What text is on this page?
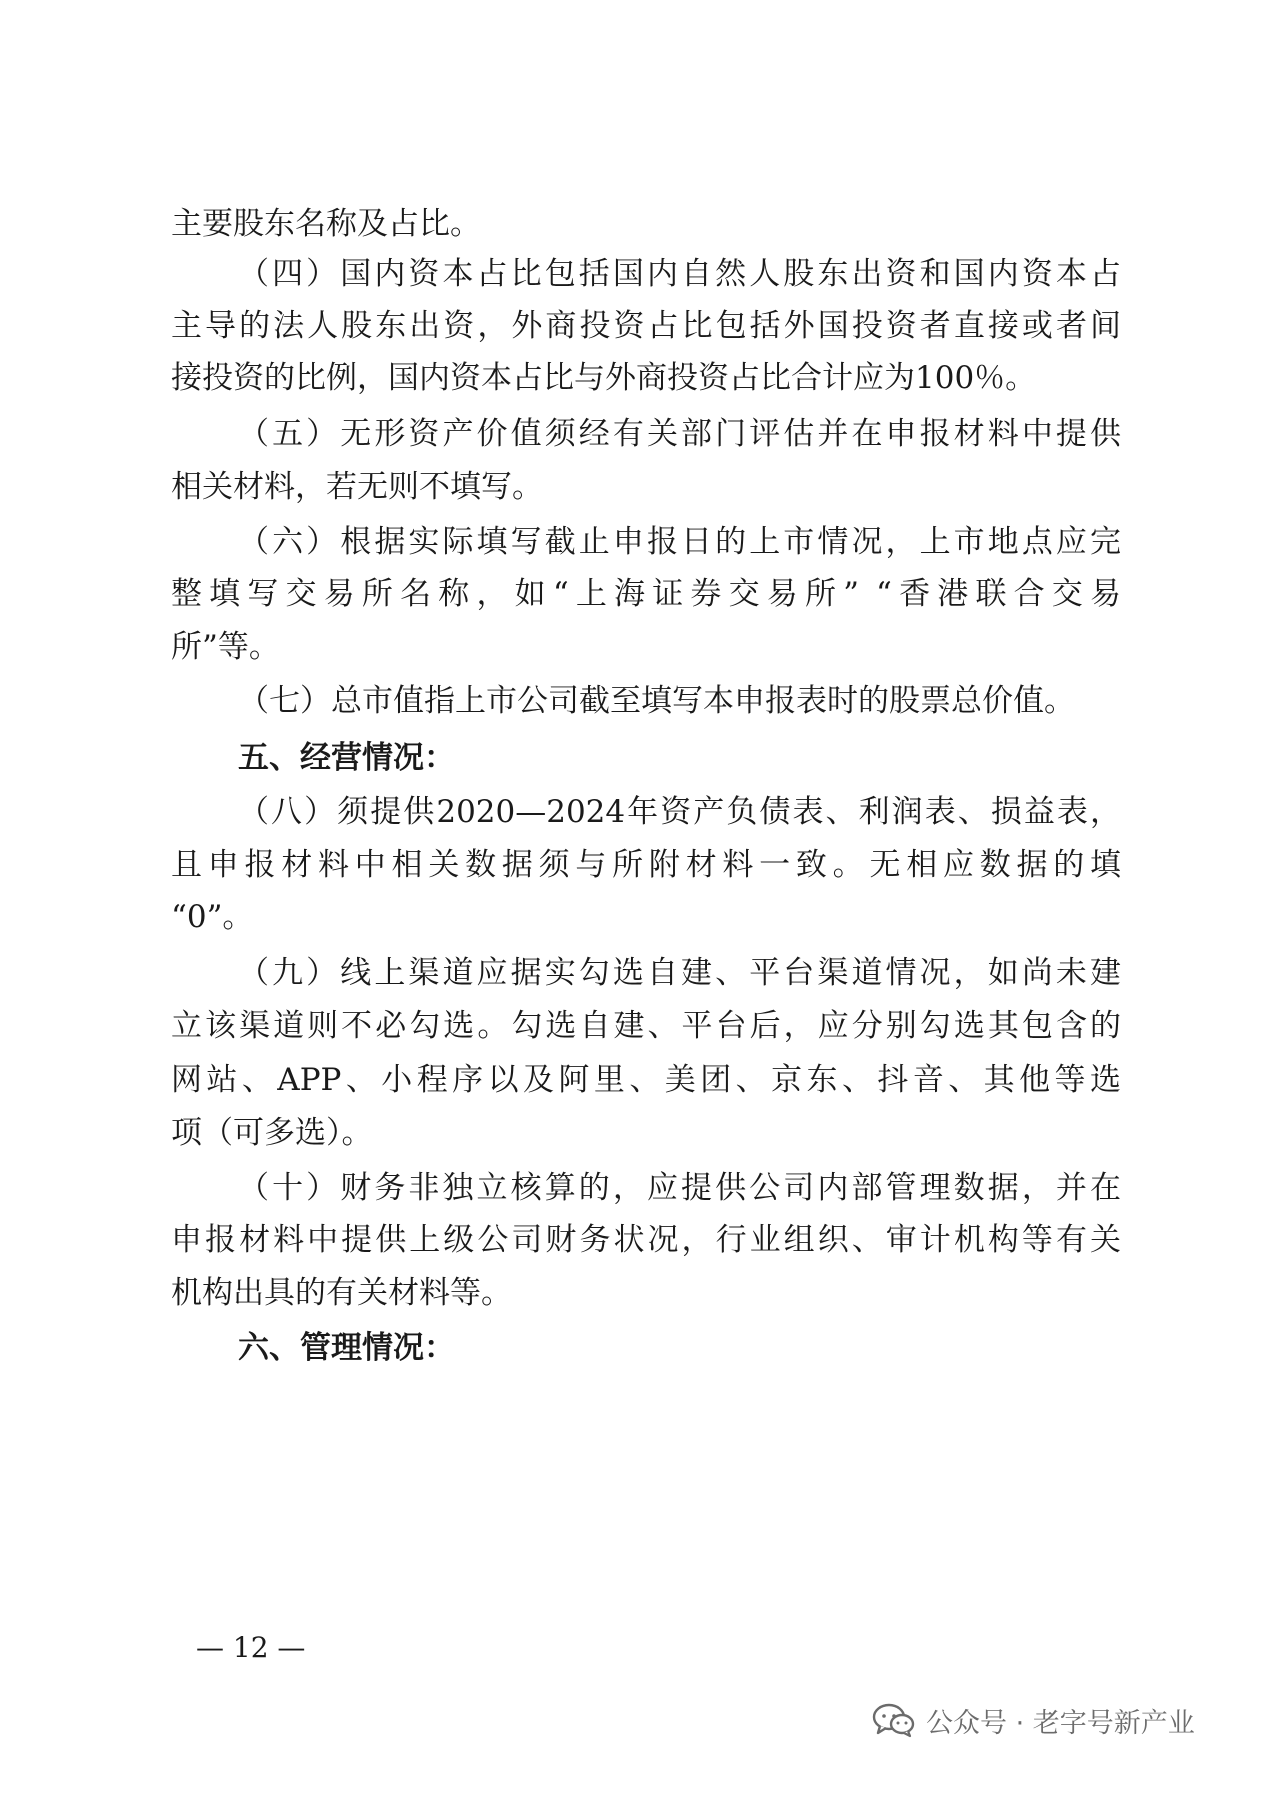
主要股东名称及占比。
（四）国内资本占比包括国内自然人股东出资和国内资本占
主导的法人股东出资，外商投资占比包括外国投资者直接或者间
接投资的比例，国内资本占比与外商投资占比合计应为100％。
（五）无形资产价值须经有关部门评估并在申报材料中提供
相关材料，若无则不填写。
（六）根据实际填写截止申报日的上市情况，上市地点应完
整填写交易所名称，如“上海证券交易所” “香港联合交易
所”等。
（七）总市值指上市公司截至填写本申报表时的股票总价值。
五、经营情况：
（八）须提供2020—2024年资产负债表、利润表、损益表，
且申报材料中相关数据须与所附材料一致。无相应数据的填
“0”。
（九）线上渠道应据实勾选自建、平台渠道情况，如尚未建
立该渠道则不必勾选。勾选自建、平台后，应分别勾选其包含的
网站、APP、小程序以及阿里、美团、京东、抖音、其他等选
项（可多选）。
（十）财务非独立核算的，应提供公司内部管理数据，并在
申报材料中提供上级公司财务状况，行业组织、审计机构等有关
机构出具的有关材料等。
六、管理情况：
— 12 —
公众号 · 老字号新产业
